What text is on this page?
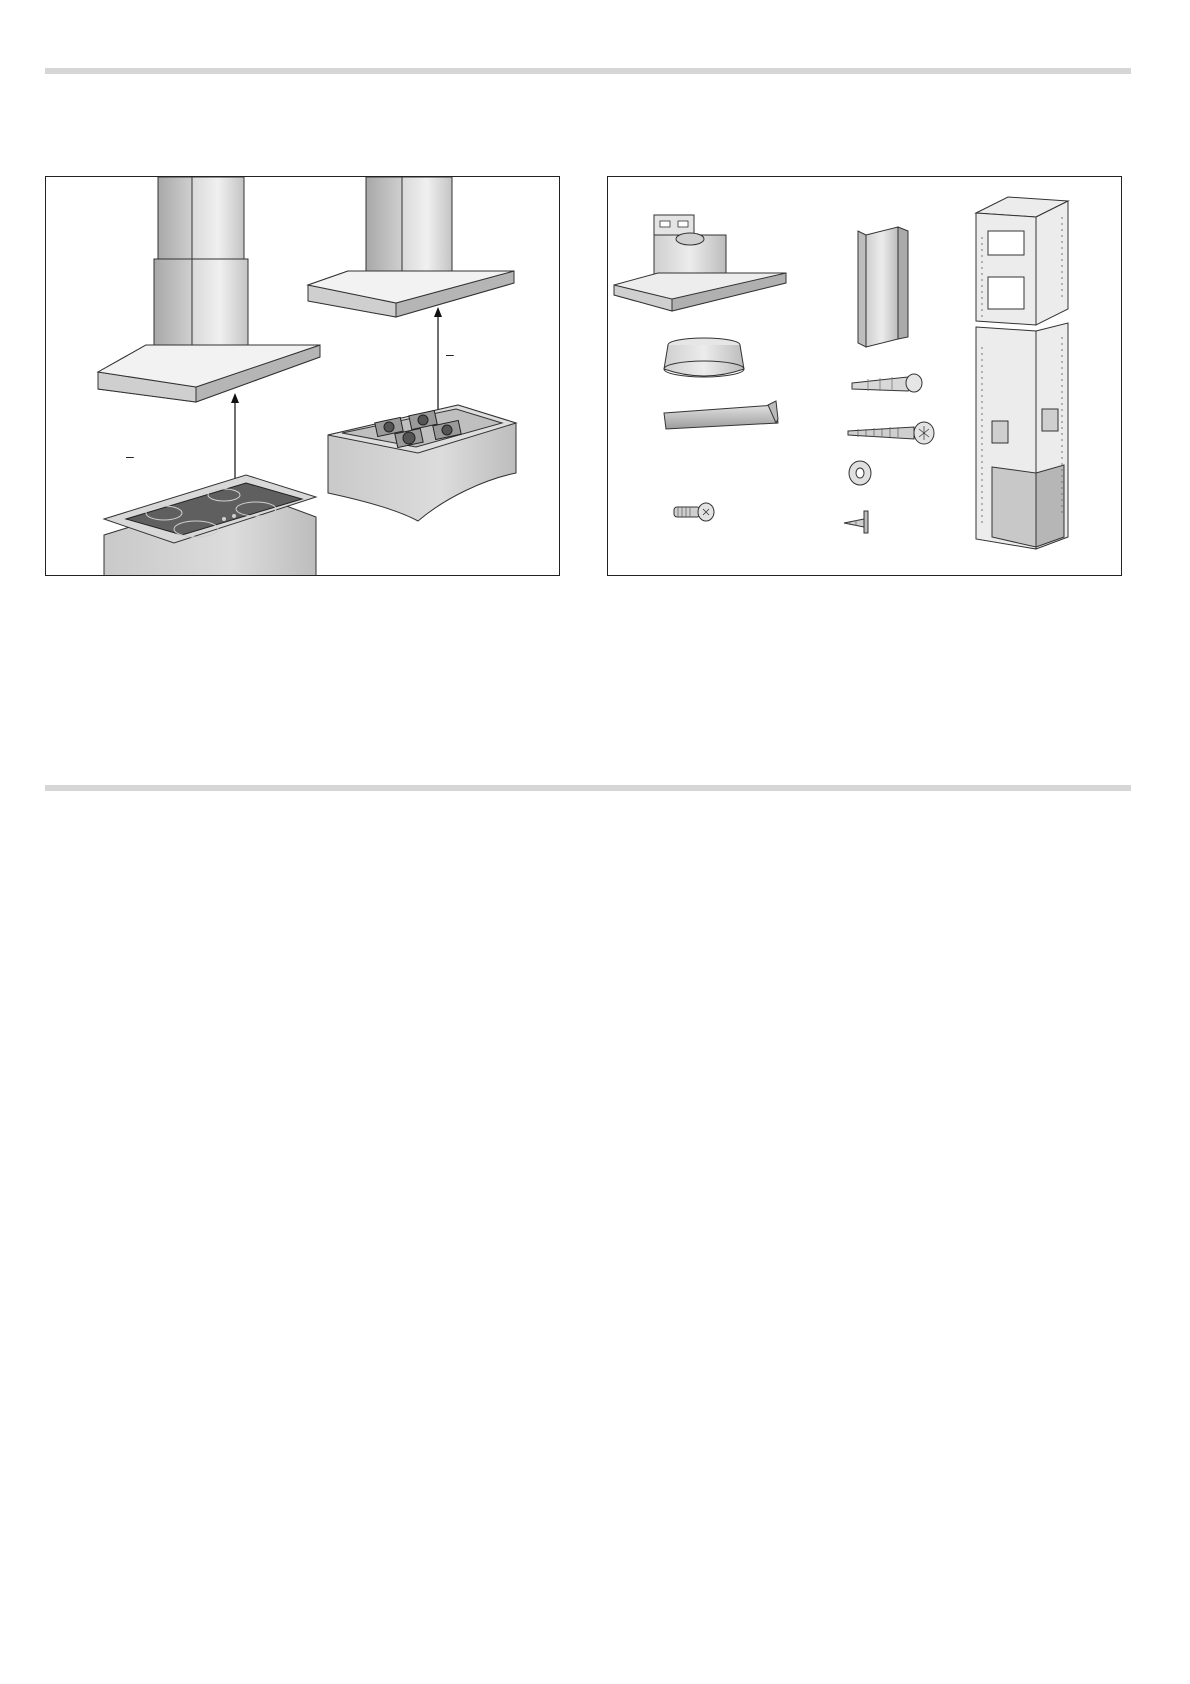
–
–
